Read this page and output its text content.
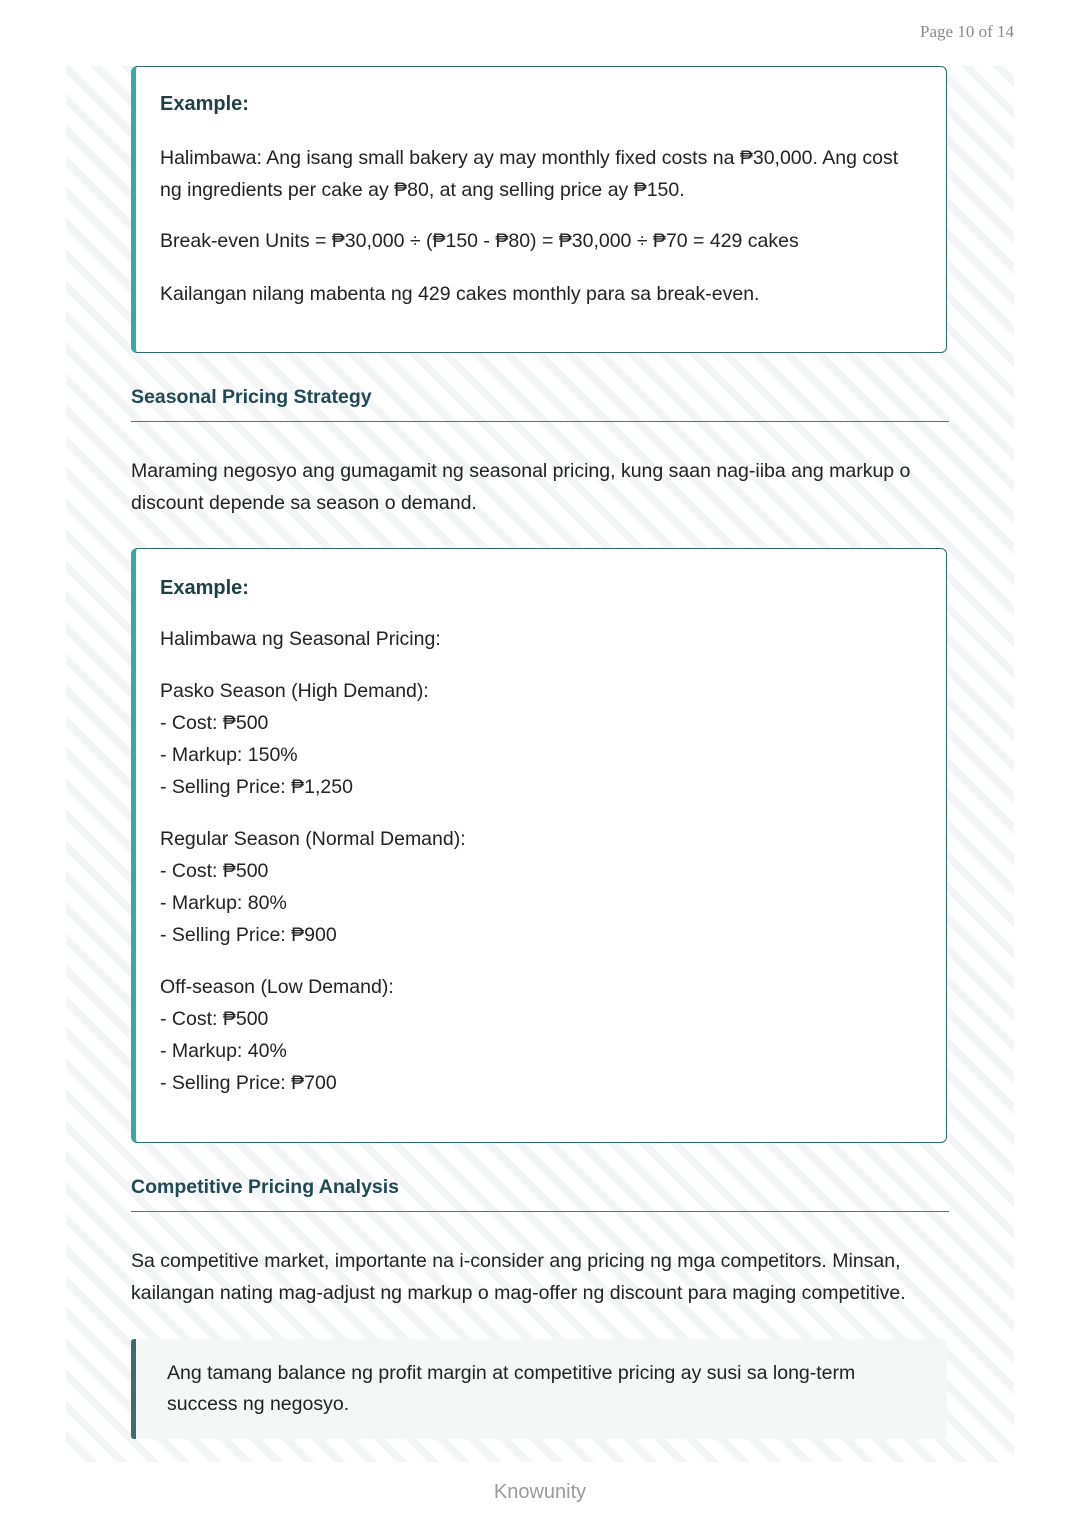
Page 10 of 14

Example:

Halimbawa: Ang isang small bakery ay may monthly fixed costs na ₱30,000. Ang cost

ng ingredients per cake ay ₱80, at ang selling price ay ₱150.

Break-even Units = ₱30,000 ÷ (₱150 - ₱80) = ₱30,000 ÷ ₱70 = 429 cakes

Kailangan nilang mabenta ng 429 cakes monthly para sa break-even.

Seasonal Pricing Strategy
Maraming negosyo ang gumagamit ng seasonal pricing, kung saan nag-iiba ang markup o
discount depende sa season o demand.

Example:

Halimbawa ng Seasonal Pricing:

Pasko Season (High Demand):

- Cost: ₱500

- Markup: 150%

- Selling Price: ₱1,250

Regular Season (Normal Demand):

- Cost: ₱500

- Markup: 80%

- Selling Price: ₱900

Off-season (Low Demand):

- Cost: ₱500

- Markup: 40%

- Selling Price: ₱700

Competitive Pricing Analysis
Sa competitive market, importante na i-consider ang pricing ng mga competitors. Minsan,
kailangan nating mag-adjust ng markup o mag-offer ng discount para maging competitive.

Ang tamang balance ng profit margin at competitive pricing ay susi sa long-term

success ng negosyo.

Knowunity
